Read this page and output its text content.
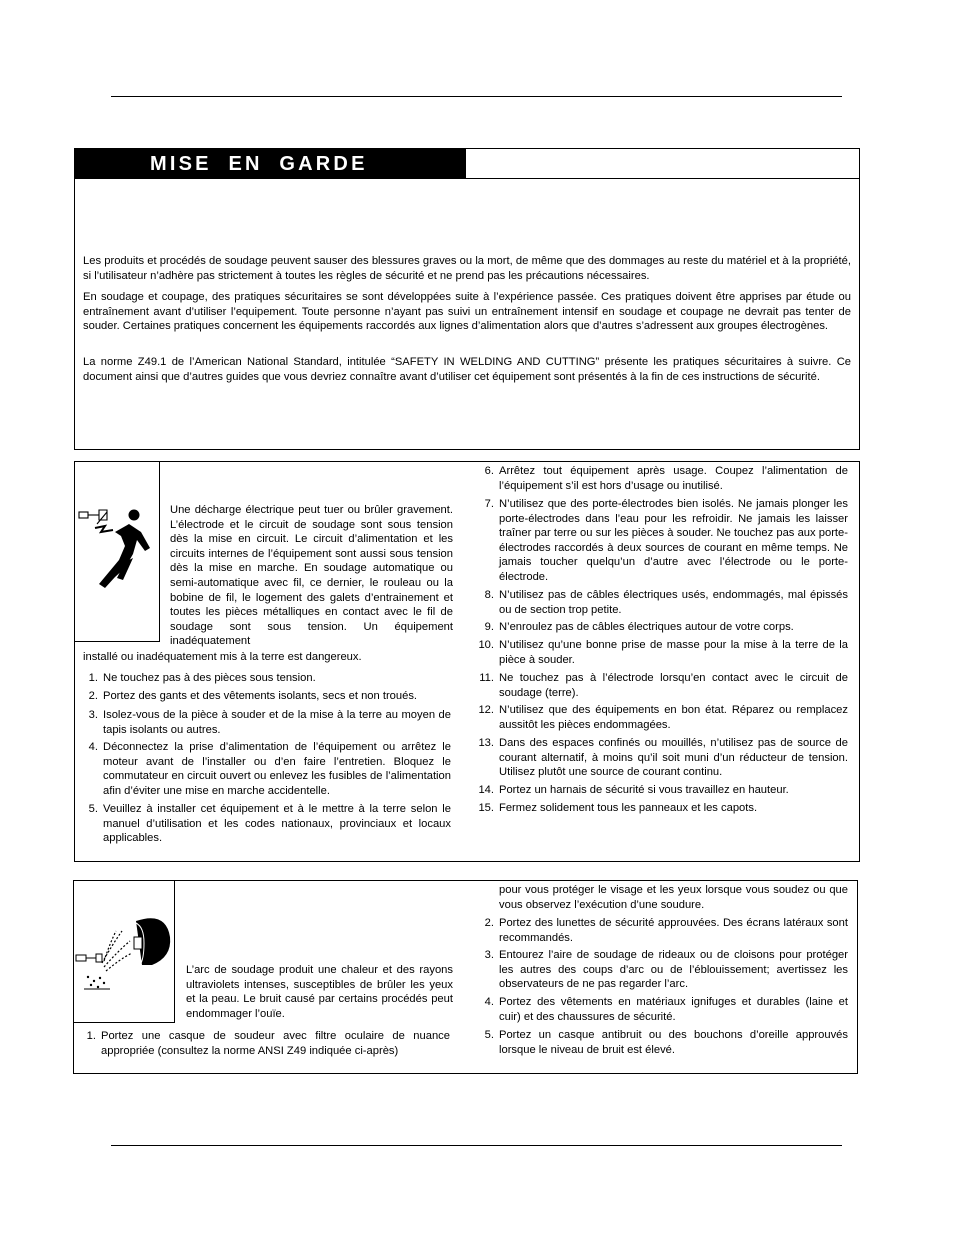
MISE EN GARDE

Les produits et procédés de soudage peuvent sauser des blessures graves ou la mort, de même que des dommages au reste du matériel et à la propriété, si l’utilisateur n’adhère pas strictement à toutes les règles de sécurité et ne prend pas les précautions nécessaires.

En soudage et coupage, des pratiques sécuritaires se sont développées suite à l’expérience passée. Ces pratiques doivent être apprises par étude ou entraînement avant d’utiliser l’equipement. Toute personne n’ayant pas suivi un entraînement intensif en soudage et coupage ne devrait pas tenter de souder. Certaines pratiques concernent les équipements raccordés aux lignes d’alimentation alors que d’autres s’adressent aux groupes électrogènes.

La norme Z49.1 de l’American National Standard, intitulée “SAFETY IN WELDING AND CUTTING” présente les pratiques sécuritaires à suivre. Ce document ainsi que d’autres guides que vous devriez connaître avant d’utiliser cet équipement sont présentés à la fin de ces instructions de sécurité.

Une décharge électrique peut tuer ou brûler gravement. L’électrode et le circuit de soudage sont sous tension dès la mise en circuit. Le circuit d’alimentation et les circuits internes de l’équipement sont aussi sous tension dès la mise en marche. En soudage automatique ou semi-automatique avec fil, ce dernier, le rouleau ou la bobine de fil, le logement des galets d’entrainement et toutes les pièces métalliques en contact avec le fil de soudage sont sous tension. Un équipement inadéquatement

installé ou inadéquatement mis à la terre est dangereux.

1. Ne touchez pas à des pièces sous tension.
2. Portez des gants et des vêtements isolants, secs et non troués.
3. Isolez-vous de la pièce à souder et de la mise à la terre au moyen de tapis isolants ou autres.
4. Déconnectez la prise d’alimentation de l’équipement ou arrêtez le moteur avant de l’installer ou d’en faire l’entretien. Bloquez le commutateur en circuit ouvert ou enlevez les fusibles de l’alimentation afin d’éviter une mise en marche accidentelle.
5. Veuillez à installer cet équipement et à le mettre à la terre selon le manuel d’utilisation et les codes nationaux, provinciaux et locaux applicables.
6. Arrêtez tout équipement après usage. Coupez l’alimentation de l’équipement s’il est hors d’usage ou inutilisé.
7. N’utilisez que des porte-électrodes bien isolés. Ne jamais plonger les porte-électrodes dans l’eau pour les refroidir. Ne jamais les laisser traîner par terre ou sur les pièces à souder. Ne touchez pas aux porte-électrodes raccordés à deux sources de courant en même temps. Ne jamais toucher quelqu’un d’autre avec l’électrode ou le porte-électrode.
8. N’utilisez pas de câbles électriques usés, endommagés, mal épissés ou de section trop petite.
9. N’enroulez pas de câbles électriques autour de votre corps.
10. N’utilisez qu’une bonne prise de masse pour la mise à la terre de la pièce à souder.
11. Ne touchez pas à l’électrode lorsqu’en contact avec le circuit de soudage (terre).
12. N’utilisez que des équipements en bon état. Réparez ou remplacez aussitôt les pièces endommagées.
13. Dans des espaces confinés ou mouillés, n’utilisez pas de source de courant alternatif, à moins qu’il soit muni d’un réducteur de tension. Utilisez plutôt une source de courant continu.
14. Portez un harnais de sécurité si vous travaillez en hauteur.
15. Fermez solidement tous les panneaux et les capots.

L’arc de soudage produit une chaleur et des rayons ultraviolets intenses, susceptibles de brûler les yeux et la peau. Le bruit causé par certains procédés peut endommager l’ouïe.

1. Portez une casque de soudeur avec filtre oculaire de nuance appropriée (consultez la norme ANSI Z49 indiquée ci-après)

pour vous protéger le visage et les yeux lorsque vous soudez ou que vous observez l’exécution d’une soudure.

2. Portez des lunettes de sécurité approuvées. Des écrans latéraux sont recommandés.
3. Entourez l’aire de soudage de rideaux ou de cloisons pour protéger les autres des coups d’arc ou de l’éblouissement; avertissez les observateurs de ne pas regarder l’arc.
4. Portez des vêtements en matériaux ignifuges et durables (laine et cuir) et des chaussures de sécurité.
5. Portez un casque antibruit ou des bouchons d’oreille approuvés lorsque le niveau de bruit est élevé.
